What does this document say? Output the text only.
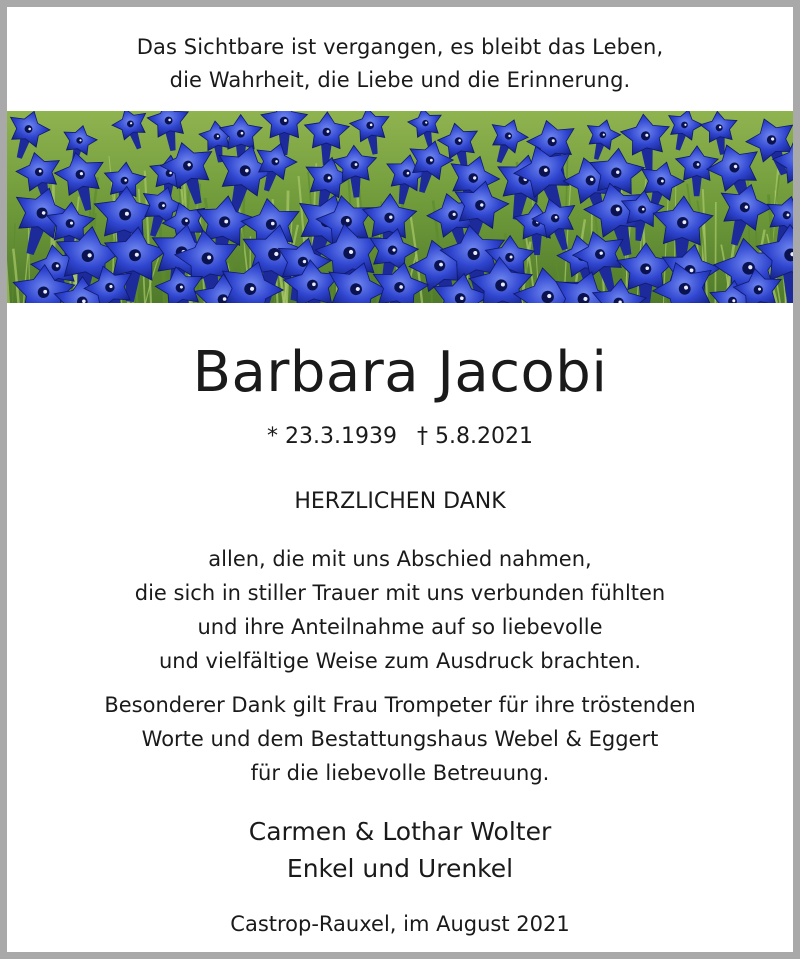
Das Sichtbare ist vergangen, es bleibt das Leben,
die Wahrheit, die Liebe und die Erinnerung.
Barbara Jacobi
* 23.3.1939 † 5.8.2021
HERZLICHEN DANK
allen, die mit uns Abschied nahmen,
die sich in stiller Trauer mit uns verbunden fühlten
und ihre Anteilnahme auf so liebevolle
und vielfältige Weise zum Ausdruck brachten.
Besonderer Dank gilt Frau Trompeter für ihre tröstenden
Worte und dem Bestattungshaus Webel & Eggert
für die liebevolle Betreuung.
Carmen & Lothar Wolter
Enkel und Urenkel
Castrop-Rauxel, im August 2021
